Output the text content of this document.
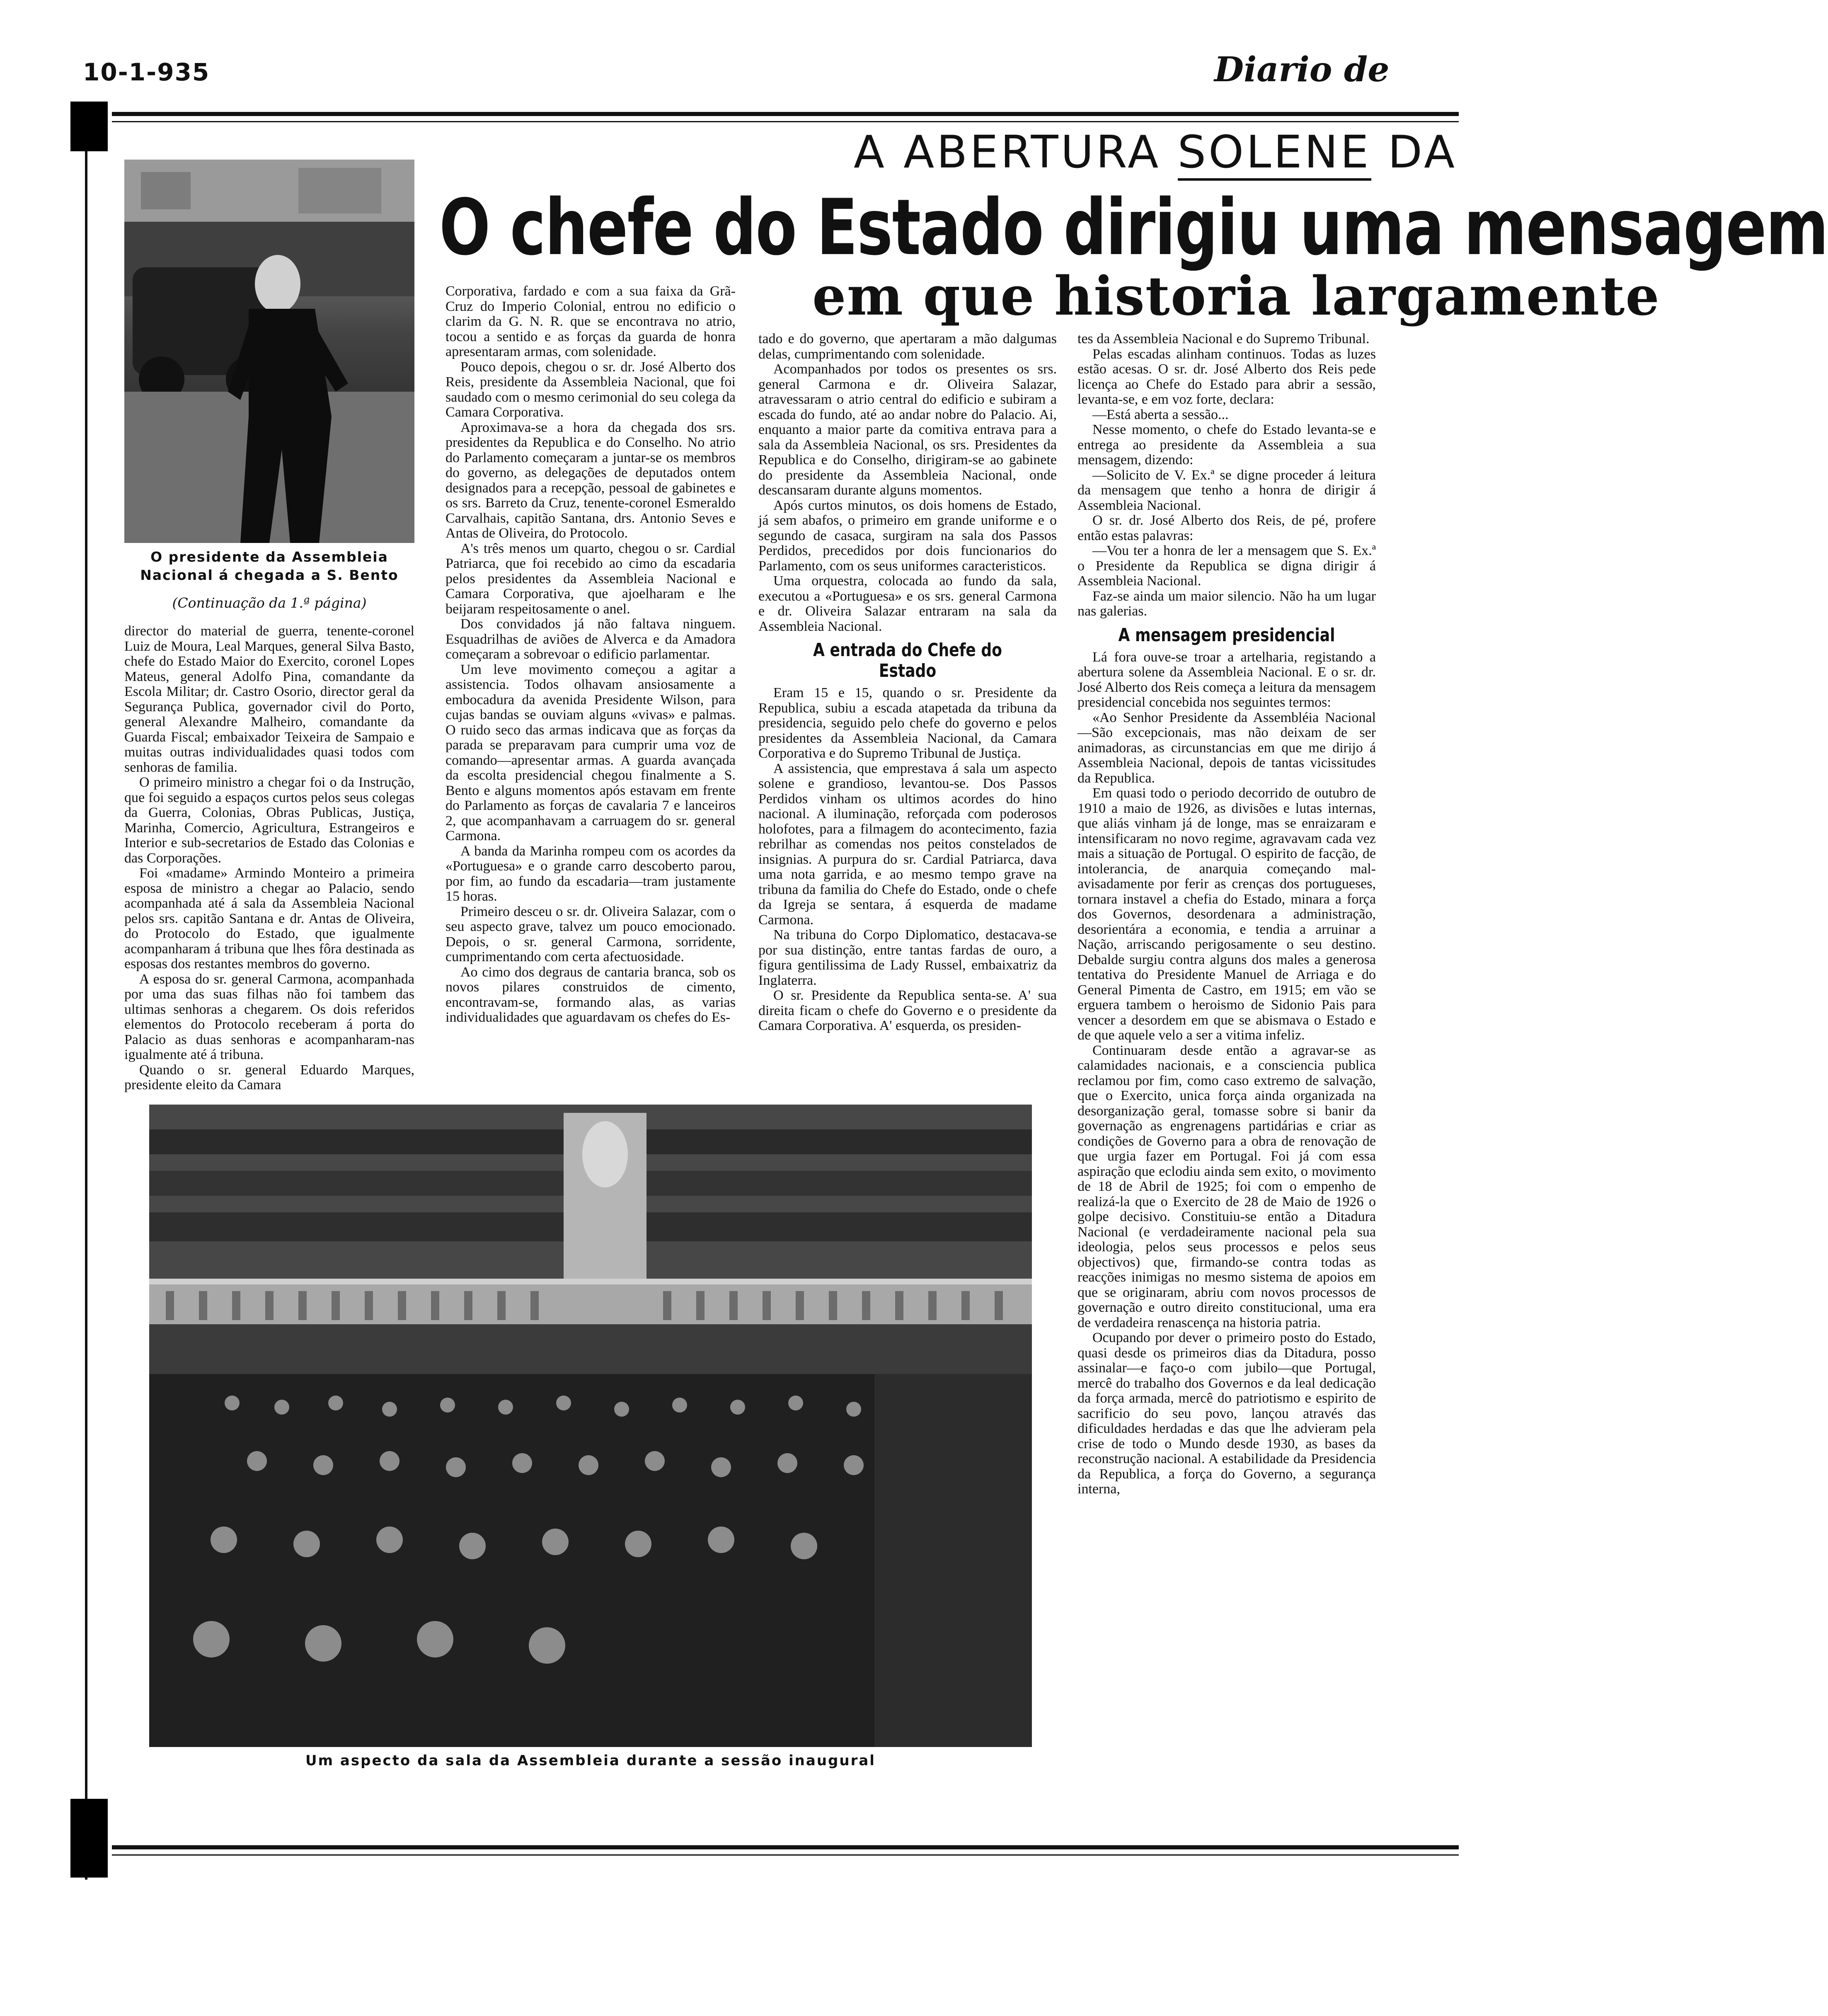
10-1-935	Diario de
A ABERTURA SOLENE DA
O chefe do Estado dirigiu uma mensagem
em que historia largamente
O presidente da Assembleia Nacional á chegada a S. Bento
(Continuação da 1.ª página)

director do material de guerra, tenente-coronel Luiz de Moura, Leal Marques, general Silva Basto, chefe do Estado Maior do Exercito, coronel Lopes Mateus, general Adolfo Pina, comandante da Escola Militar; dr. Castro Osorio, director geral da Segurança Publica, governador civil do Porto, general Alexandre Malheiro, comandante da Guarda Fiscal; embaixador Teixeira de Sampaio e muitas outras individualidades quasi todos com senhoras de familia.

O primeiro ministro a chegar foi o da Instrução, que foi seguido a espaços curtos pelos seus colegas da Guerra, Colonias, Obras Publicas, Justiça, Marinha, Comercio, Agricultura, Estrangeiros e Interior e sub-secretarios de Estado das Colonias e das Corporações.

Foi «madame» Armindo Monteiro a primeira esposa de ministro a chegar ao Palacio, sendo acompanhada até á sala da Assembleia Nacional pelos srs. capitão Santana e dr. Antas de Oliveira, do Protocolo do Estado, que igualmente acompanharam á tribuna que lhes fôra destinada as esposas dos restantes membros do governo.

A esposa do sr. general Carmona, acompanhada por uma das suas filhas não foi tambem das ultimas senhoras a chegarem. Os dois referidos elementos do Protocolo receberam á porta do Palacio as duas senhoras e acompanharam-nas igualmente até á tribuna.

Quando o sr. general Eduardo Marques, presidente eleito da Camara

Corporativa, fardado e com a sua faixa da Grã-Cruz do Imperio Colonial, entrou no edificio o clarim da G. N. R. que se encontrava no atrio, tocou a sentido e as forças da guarda de honra apresentaram armas, com solenidade.

Pouco depois, chegou o sr. dr. José Alberto dos Reis, presidente da Assembleia Nacional, que foi saudado com o mesmo cerimonial do seu colega da Camara Corporativa.

Aproximava-se a hora da chegada dos srs. presidentes da Republica e do Conselho. No atrio do Parlamento começaram a juntar-se os membros do governo, as delegações de deputados ontem designados para a recepção, pessoal de gabinetes e os srs. Barreto da Cruz, tenente-coronel Esmeraldo Carvalhais, capitão Santana, drs. Antonio Seves e Antas de Oliveira, do Protocolo.

A's três menos um quarto, chegou o sr. Cardial Patriarca, que foi recebido ao cimo da escadaria pelos presidentes da Assembleia Nacional e Camara Corporativa, que ajoelharam e lhe beijaram respeitosamente o anel.

Dos convidados já não faltava ninguem. Esquadrilhas de aviões de Alverca e da Amadora começaram a sobrevoar o edificio parlamentar.

Um leve movimento começou a agitar a assistencia. Todos olhavam ansiosamente a embocadura da avenida Presidente Wilson, para cujas bandas se ouviam alguns «vivas» e palmas. O ruido seco das armas indicava que as forças da parada se preparavam para cumprir uma voz de comando—apresentar armas. A guarda avançada da escolta presidencial chegou finalmente a S. Bento e alguns momentos após estavam em frente do Parlamento as forças de cavalaria 7 e lanceiros 2, que acompanhavam a carruagem do sr. general Carmona.

A banda da Marinha rompeu com os acordes da «Portuguesa» e o grande carro descoberto parou, por fim, ao fundo da escadaria—tram justamente 15 horas.

Primeiro desceu o sr. dr. Oliveira Salazar, com o seu aspecto grave, talvez um pouco emocionado. Depois, o sr. general Carmona, sorridente, cumprimentando com certa afectuosidade.

Ao cimo dos degraus de cantaria branca, sob os novos pilares construidos de cimento, encontravam-se, formando alas, as varias individualidades que aguardavam os chefes do Es-

tado e do governo, que apertaram a mão dalgumas delas, cumprimentando com solenidade.

Acompanhados por todos os presentes os srs. general Carmona e dr. Oliveira Salazar, atravessaram o atrio central do edificio e subiram a escada do fundo, até ao andar nobre do Palacio. Ai, enquanto a maior parte da comitiva entrava para a sala da Assembleia Nacional, os srs. Presidentes da Republica e do Conselho, dirigiram-se ao gabinete do presidente da Assembleia Nacional, onde descansaram durante alguns momentos.

Após curtos minutos, os dois homens de Estado, já sem abafos, o primeiro em grande uniforme e o segundo de casaca, surgiram na sala dos Passos Perdidos, precedidos por dois funcionarios do Parlamento, com os seus uniformes caracteristicos.

Uma orquestra, colocada ao fundo da sala, executou a «Portuguesa» e os srs. general Carmona e dr. Oliveira Salazar entraram na sala da Assembleia Nacional.

A entrada do Chefe do Estado

Eram 15 e 15, quando o sr. Presidente da Republica, subiu a escada atapetada da tribuna da presidencia, seguido pelo chefe do governo e pelos presidentes da Assembleia Nacional, da Camara Corporativa e do Supremo Tribunal de Justiça.

A assistencia, que emprestava á sala um aspecto solene e grandioso, levantou-se. Dos Passos Perdidos vinham os ultimos acordes do hino nacional. A iluminação, reforçada com poderosos holofotes, para a filmagem do acontecimento, fazia rebrilhar as comendas nos peitos constelados de insignias. A purpura do sr. Cardial Patriarca, dava uma nota garrida, e ao mesmo tempo grave na tribuna da familia do Chefe do Estado, onde o chefe da Igreja se sentara, á esquerda de madame Carmona.

Na tribuna do Corpo Diplomatico, destacava-se por sua distinção, entre tantas fardas de ouro, a figura gentilissima de Lady Russel, embaixatriz da Inglaterra.

O sr. Presidente da Republica senta-se. A' sua direita ficam o chefe do Governo e o presidente da Camara Corporativa. A' esquerda, os presiden-

tes da Assembleia Nacional e do Supremo Tribunal.

Pelas escadas alinham continuos. Todas as luzes estão acesas. O sr. dr. José Alberto dos Reis pede licença ao Chefe do Estado para abrir a sessão, levanta-se, e em voz forte, declara:

—Está aberta a sessão...

Nesse momento, o chefe do Estado levanta-se e entrega ao presidente da Assembleia a sua mensagem, dizendo:

—Solicito de V. Ex.ª se digne proceder á leitura da mensagem que tenho a honra de dirigir á Assembleia Nacional.

O sr. dr. José Alberto dos Reis, de pé, profere então estas palavras:

—Vou ter a honra de ler a mensagem que S. Ex.ª o Presidente da Republica se digna dirigir á Assembleia Nacional.

Faz-se ainda um maior silencio. Não ha um lugar nas galerias.

A mensagem presidencial

Lá fora ouve-se troar a artelharia, registando a abertura solene da Assembleia Nacional. E o sr. dr. José Alberto dos Reis começa a leitura da mensagem presidencial concebida nos seguintes termos:

«Ao Senhor Presidente da Assembléia Nacional—São excepcionais, mas não deixam de ser animadoras, as circunstancias em que me dirijo á Assembleia Nacional, depois de tantas vicissitudes da Republica.

Em quasi todo o periodo decorrido de outubro de 1910 a maio de 1926, as divisões e lutas internas, que aliás vinham já de longe, mas se enraizaram e intensificaram no novo regime, agravavam cada vez mais a situação de Portugal. O espirito de facção, de intolerancia, de anarquia começando mal-avisadamente por ferir as crenças dos portugueses, tornara instavel a chefia do Estado, minara a força dos Governos, desordenara a administração, desorientára a economia, e tendia a arruinar a Nação, arriscando perigosamente o seu destino. Debalde surgiu contra alguns dos males a generosa tentativa do Presidente Manuel de Arriaga e do General Pimenta de Castro, em 1915; em vão se erguera tambem o heroismo de Sidonio Pais para vencer a desordem em que se abismava o Estado e de que aquele velo a ser a vitima infeliz.

Continuaram desde então a agravar-se as calamidades nacionais, e a consciencia publica reclamou por fim, como caso extremo de salvação, que o Exercito, unica força ainda organizada na desorganização geral, tomasse sobre si banir da governação as engrenagens partidárias e criar as condições de Governo para a obra de renovação de que urgia fazer em Portugal. Foi já com essa aspiração que eclodiu ainda sem exito, o movimento de 18 de Abril de 1925; foi com o empenho de realizá-la que o Exercito de 28 de Maio de 1926 o golpe decisivo. Constituiu-se então a Ditadura Nacional (e verdadeiramente nacional pela sua ideologia, pelos seus processos e pelos seus objectivos) que, firmando-se contra todas as reacções inimigas no mesmo sistema de apoios em que se originaram, abriu com novos processos de governação e outro direito constitucional, uma era de verdadeira renascença na historia patria.

Ocupando por dever o primeiro posto do Estado, quasi desde os primeiros dias da Ditadura, posso assinalar—e faço-o com jubilo—que Portugal, mercê do trabalho dos Governos e da leal dedicação da força armada, mercê do patriotismo e espirito de sacrificio do seu povo, lançou através das dificuldades herdadas e das que lhe advieram pela crise de todo o Mundo desde 1930, as bases da reconstrução nacional. A estabilidade da Presidencia da Republica, a força do Governo, a segurança interna,

Um aspecto da sala da Assembleia durante a sessão inaugural
